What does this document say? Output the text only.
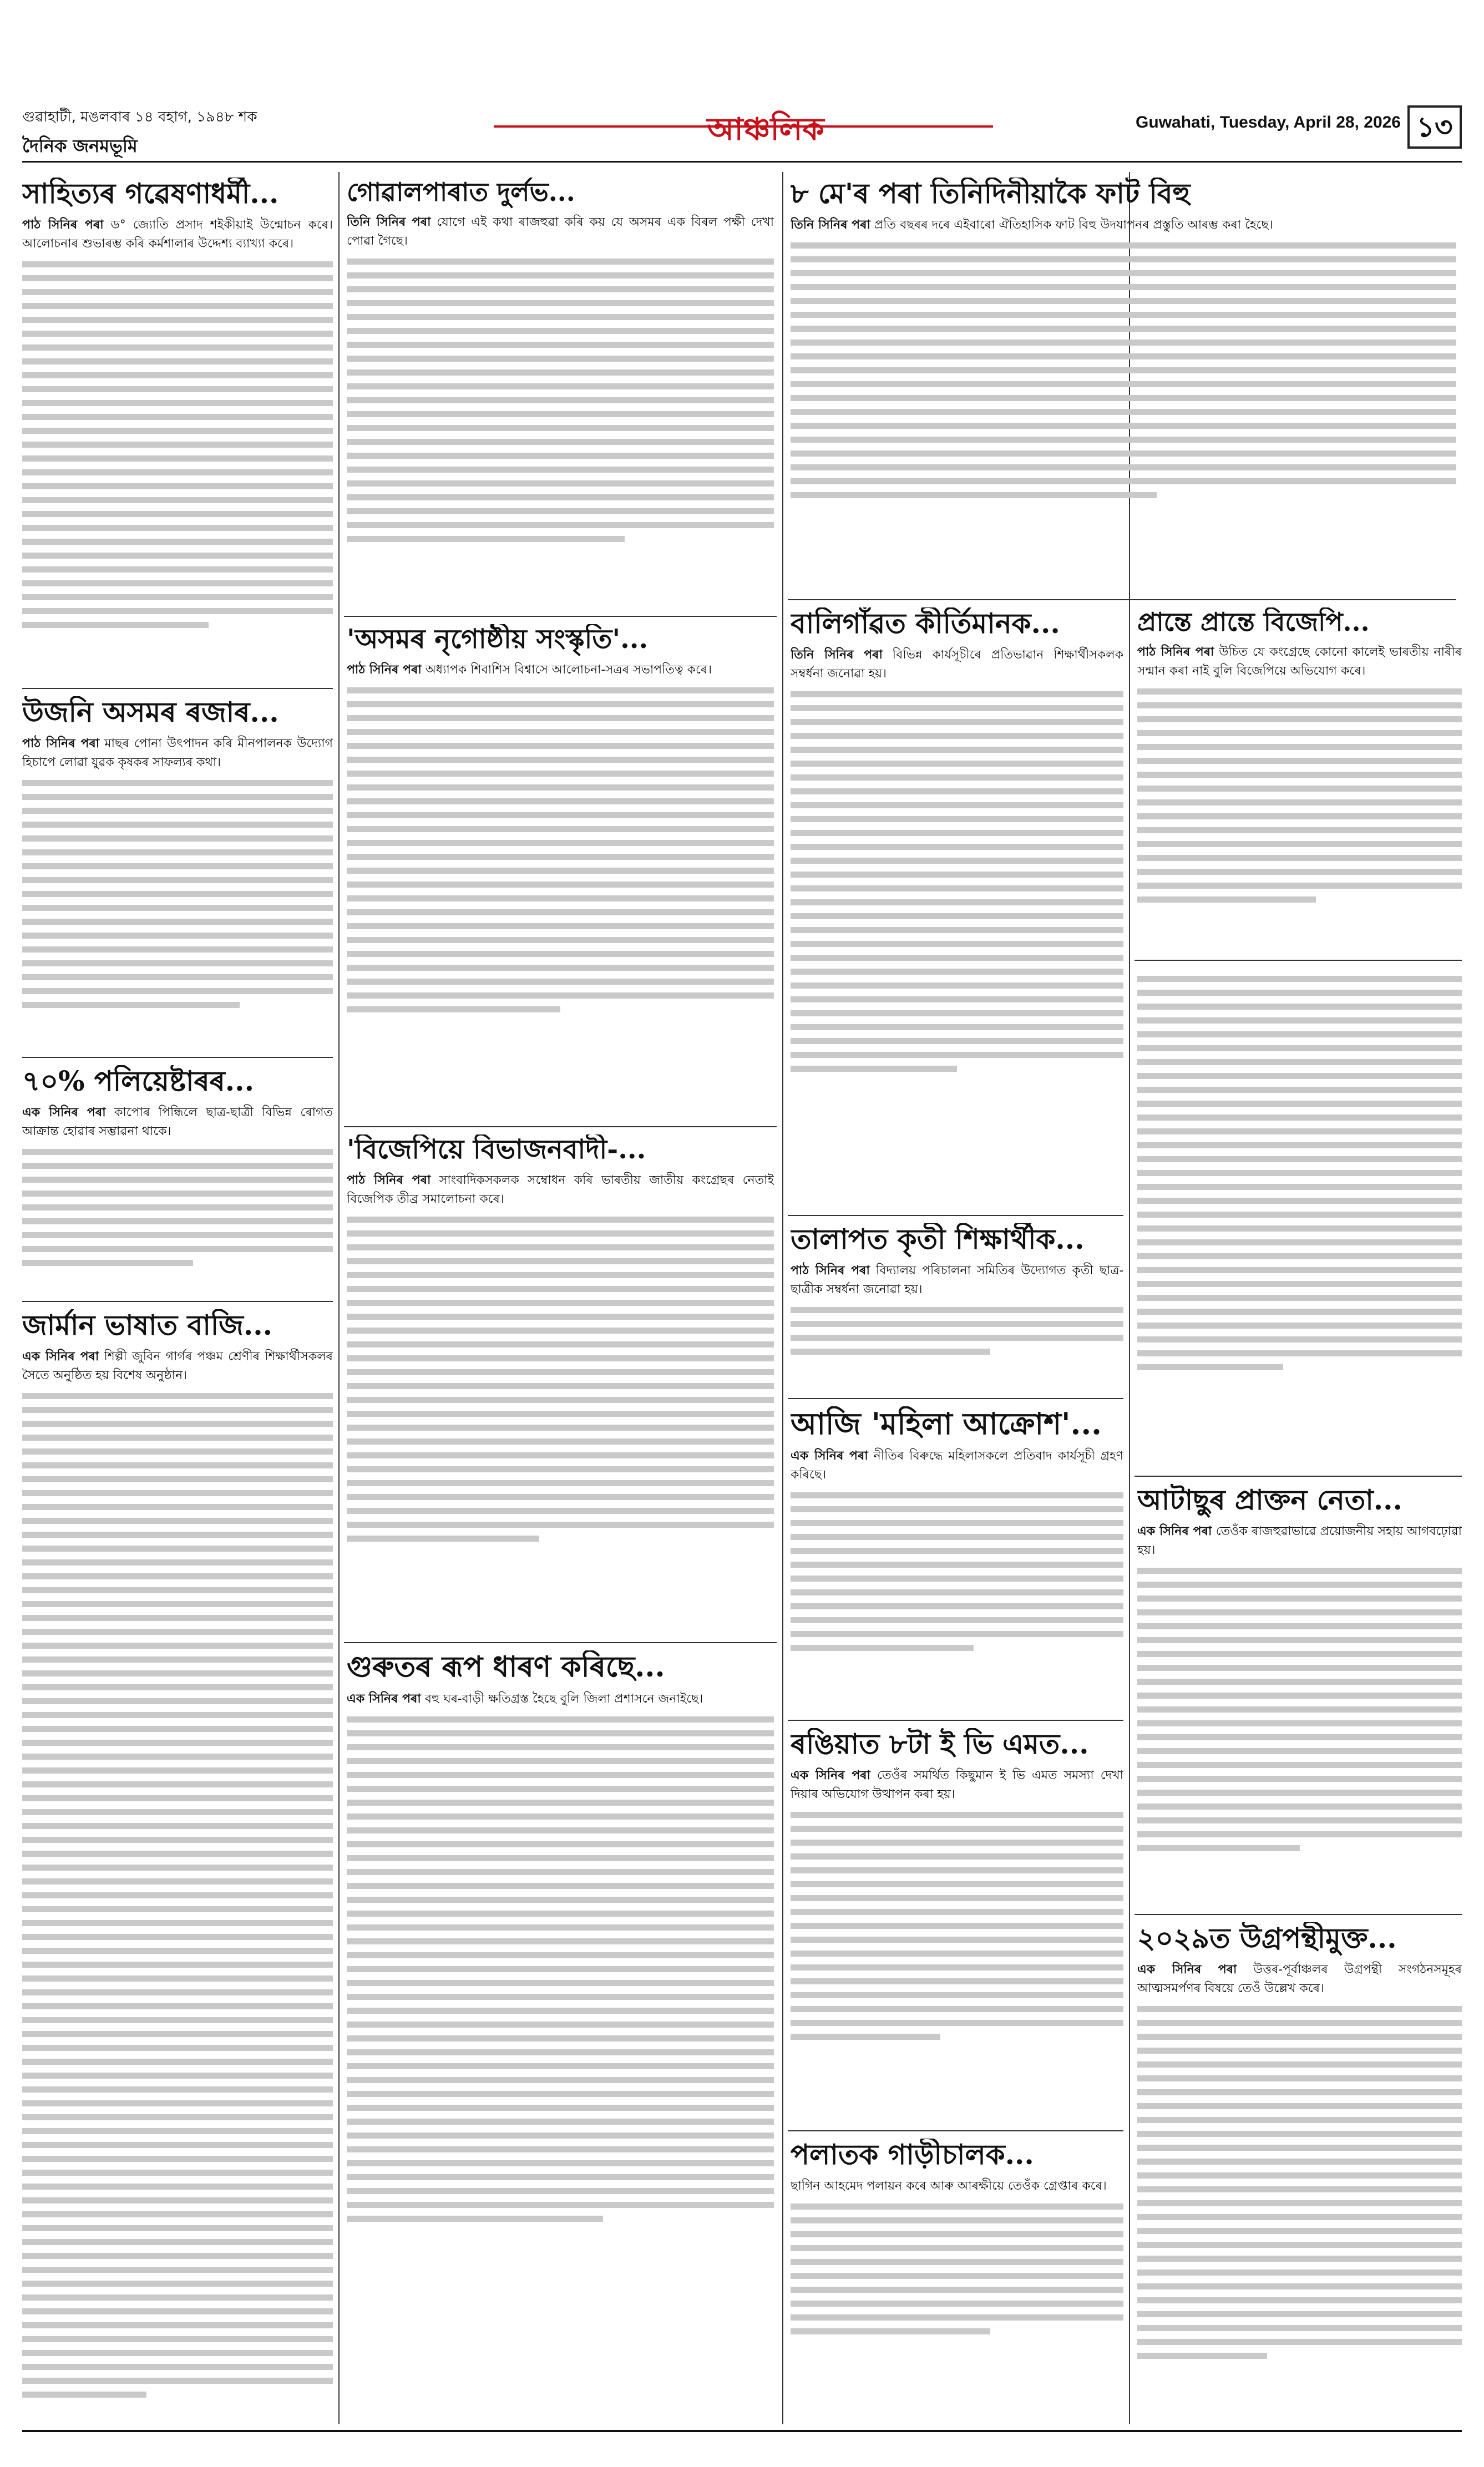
গুৱাহাটী, মঙলবাৰ ১৪ বহাগ, ১৯৪৮ শক
দৈনিক জনমভূমি	আঞ্চলিক	Guwahati, Tuesday, April 28, 2026 ১৩
সাহিত্যৰ গৱেষণাধৰ্মী...

পাঠ সিনিৰ পৰা ড° জ্যোতি প্ৰসাদ শইকীয়াই উন্মোচন কৰে। আলোচনাৰ শুভাৰম্ভ কৰি কৰ্মশালাৰ উদ্দেশ্য ব্যাখ্যা কৰে।

উজনি অসমৰ ৰজাৰ...

পাঠ সিনিৰ পৰা মাছৰ পোনা উৎপাদন কৰি মীনপালনক উদ্যোগ হিচাপে লোৱা যুৱক কৃষকৰ সাফল্যৰ কথা।

৭০% পলিয়েষ্টাৰৰ...

এক সিনিৰ পৰা কাপোৰ পিন্ধিলে ছাত্ৰ-ছাত্ৰী বিভিন্ন ৰোগত আক্ৰান্ত হোৱাৰ সম্ভাৱনা থাকে।

জাৰ্মান ভাষাত বাজি...

এক সিনিৰ পৰা শিল্পী জুবিন গাৰ্গৰ পঞ্চম শ্ৰেণীৰ শিক্ষাৰ্থীসকলৰ সৈতে অনুষ্ঠিত হয় বিশেষ অনুষ্ঠান।

গোৱালপাৰাত দুৰ্লভ...

তিনি সিনিৰ পৰা যোগে এই কথা ৰাজহুৱা কৰি কয় যে অসমৰ এক বিৰল পক্ষী দেখা পোৱা গৈছে।

'অসমৰ নৃগোষ্ঠীয় সংস্কৃতি'...

পাঠ সিনিৰ পৰা অধ্যাপক শিবাশিস বিশ্বাসে আলোচনা-সত্ৰৰ সভাপতিত্ব কৰে।

'বিজেপিয়ে বিভাজনবাদী-...

পাঠ সিনিৰ পৰা সাংবাদিকসকলক সম্বোধন কৰি ভাৰতীয় জাতীয় কংগ্ৰেছৰ নেতাই বিজেপিক তীব্ৰ সমালোচনা কৰে।

গুৰুতৰ ৰূপ ধাৰণ কৰিছে...

এক সিনিৰ পৰা বহু ঘৰ-বাড়ী ক্ষতিগ্ৰস্ত হৈছে বুলি জিলা প্ৰশাসনে জনাইছে।

৮ মে'ৰ পৰা তিনিদিনীয়াকৈ ফাট বিহু

তিনি সিনিৰ পৰা প্ৰতি বছৰৰ দৰে এইবাৰো ঐতিহাসিক ফাট বিহু উদযাপনৰ প্ৰস্তুতি আৰম্ভ কৰা হৈছে।

বালিগাঁৱত কীৰ্তিমানক...

তিনি সিনিৰ পৰা বিভিন্ন কাৰ্যসূচীৰে প্ৰতিভাৱান শিক্ষাৰ্থীসকলক সম্বৰ্ধনা জনোৱা হয়।

তালাপত কৃতী শিক্ষাৰ্থীক...

পাঠ সিনিৰ পৰা বিদ্যালয় পৰিচালনা সমিতিৰ উদ্যোগত কৃতী ছাত্ৰ-ছাত্ৰীক সম্বৰ্ধনা জনোৱা হয়।

আজি 'মহিলা আক্ৰোশ'...

এক সিনিৰ পৰা নীতিৰ বিৰুদ্ধে মহিলাসকলে প্ৰতিবাদ কাৰ্যসূচী গ্ৰহণ কৰিছে।

ৰঙিয়াত ৮টা ই ভি এমত...

এক সিনিৰ পৰা তেওঁৰ সমৰ্থিত কিছুমান ই ভি এমত সমস্যা দেখা দিয়াৰ অভিযোগ উত্থাপন কৰা হয়।

পলাতক গাড়ীচালক...

ছাগিন আহমেদ পলায়ন কৰে আৰু আৰক্ষীয়ে তেওঁক গ্ৰেপ্তাৰ কৰে।

প্ৰান্তে প্ৰান্তে বিজেপি...

পাঠ সিনিৰ পৰা উচিত যে কংগ্ৰেছে কোনো কালেই ভাৰতীয় নাৰীৰ সন্মান কৰা নাই বুলি বিজেপিয়ে অভিযোগ কৰে।

আটাছুৰ প্ৰাক্তন নেতা...

এক সিনিৰ পৰা তেওঁক ৰাজহুৱাভাৱে প্ৰয়োজনীয় সহায় আগবঢ়োৱা হয়।

২০২৯ত উগ্ৰপন্থীমুক্ত...

এক সিনিৰ পৰা উত্তৰ-পূৰ্বাঞ্চলৰ উগ্ৰপন্থী সংগঠনসমূহৰ আত্মসমৰ্পণৰ বিষয়ে তেওঁ উল্লেখ কৰে।
